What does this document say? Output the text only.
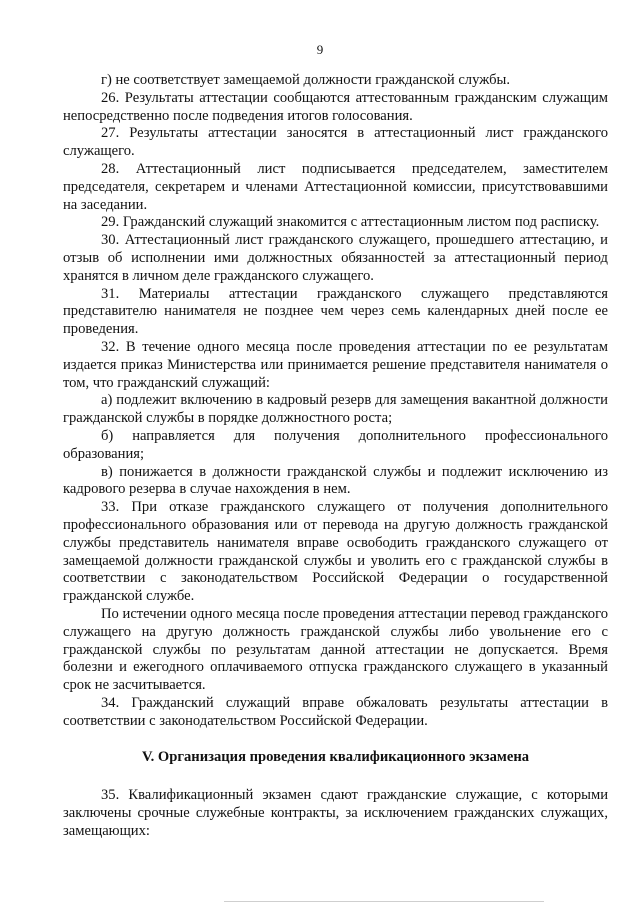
9

г) не соответствует замещаемой должности гражданской службы.

26. Результаты аттестации сообщаются аттестованным гражданским служащим непосредственно после подведения итогов голосования.

27. Результаты аттестации заносятся в аттестационный лист гражданского служащего.

28. Аттестационный лист подписывается председателем, заместителем председателя, секретарем и членами Аттестационной комиссии, присутствовавшими на заседании.

29. Гражданский служащий знакомится с аттестационным листом под расписку.

30. Аттестационный лист гражданского служащего, прошедшего аттестацию, и отзыв об исполнении ими должностных обязанностей за аттестационный период хранятся в личном деле гражданского служащего.

31. Материалы аттестации гражданского служащего представляются представителю нанимателя не позднее чем через семь календарных дней после ее проведения.

32. В течение одного месяца после проведения аттестации по ее результатам издается приказ Министерства или принимается решение представителя нанимателя о том, что гражданский служащий:

а) подлежит включению в кадровый резерв для замещения вакантной должности гражданской службы в порядке должностного роста;

б) направляется для получения дополнительного профессионального образования;

в) понижается в должности гражданской службы и подлежит исключению из кадрового резерва в случае нахождения в нем.

33. При отказе гражданского служащего от получения дополнительного профессионального образования или от перевода на другую должность гражданской службы представитель нанимателя вправе освободить гражданского служащего от замещаемой должности гражданской службы и уволить его с гражданской службы в соответствии с законодательством Российской Федерации о государственной гражданской службе.

По истечении одного месяца после проведения аттестации перевод гражданского служащего на другую должность гражданской службы либо увольнение его с гражданской службы по результатам данной аттестации не допускается. Время болезни и ежегодного оплачиваемого отпуска гражданского служащего в указанный срок не засчитывается.

34. Гражданский служащий вправе обжаловать результаты аттестации в соответствии с законодательством Российской Федерации.

V. Организация проведения квалификационного экзамена

35. Квалификационный экзамен сдают гражданские служащие, с которыми заключены срочные служебные контракты, за исключением гражданских служащих, замещающих:
